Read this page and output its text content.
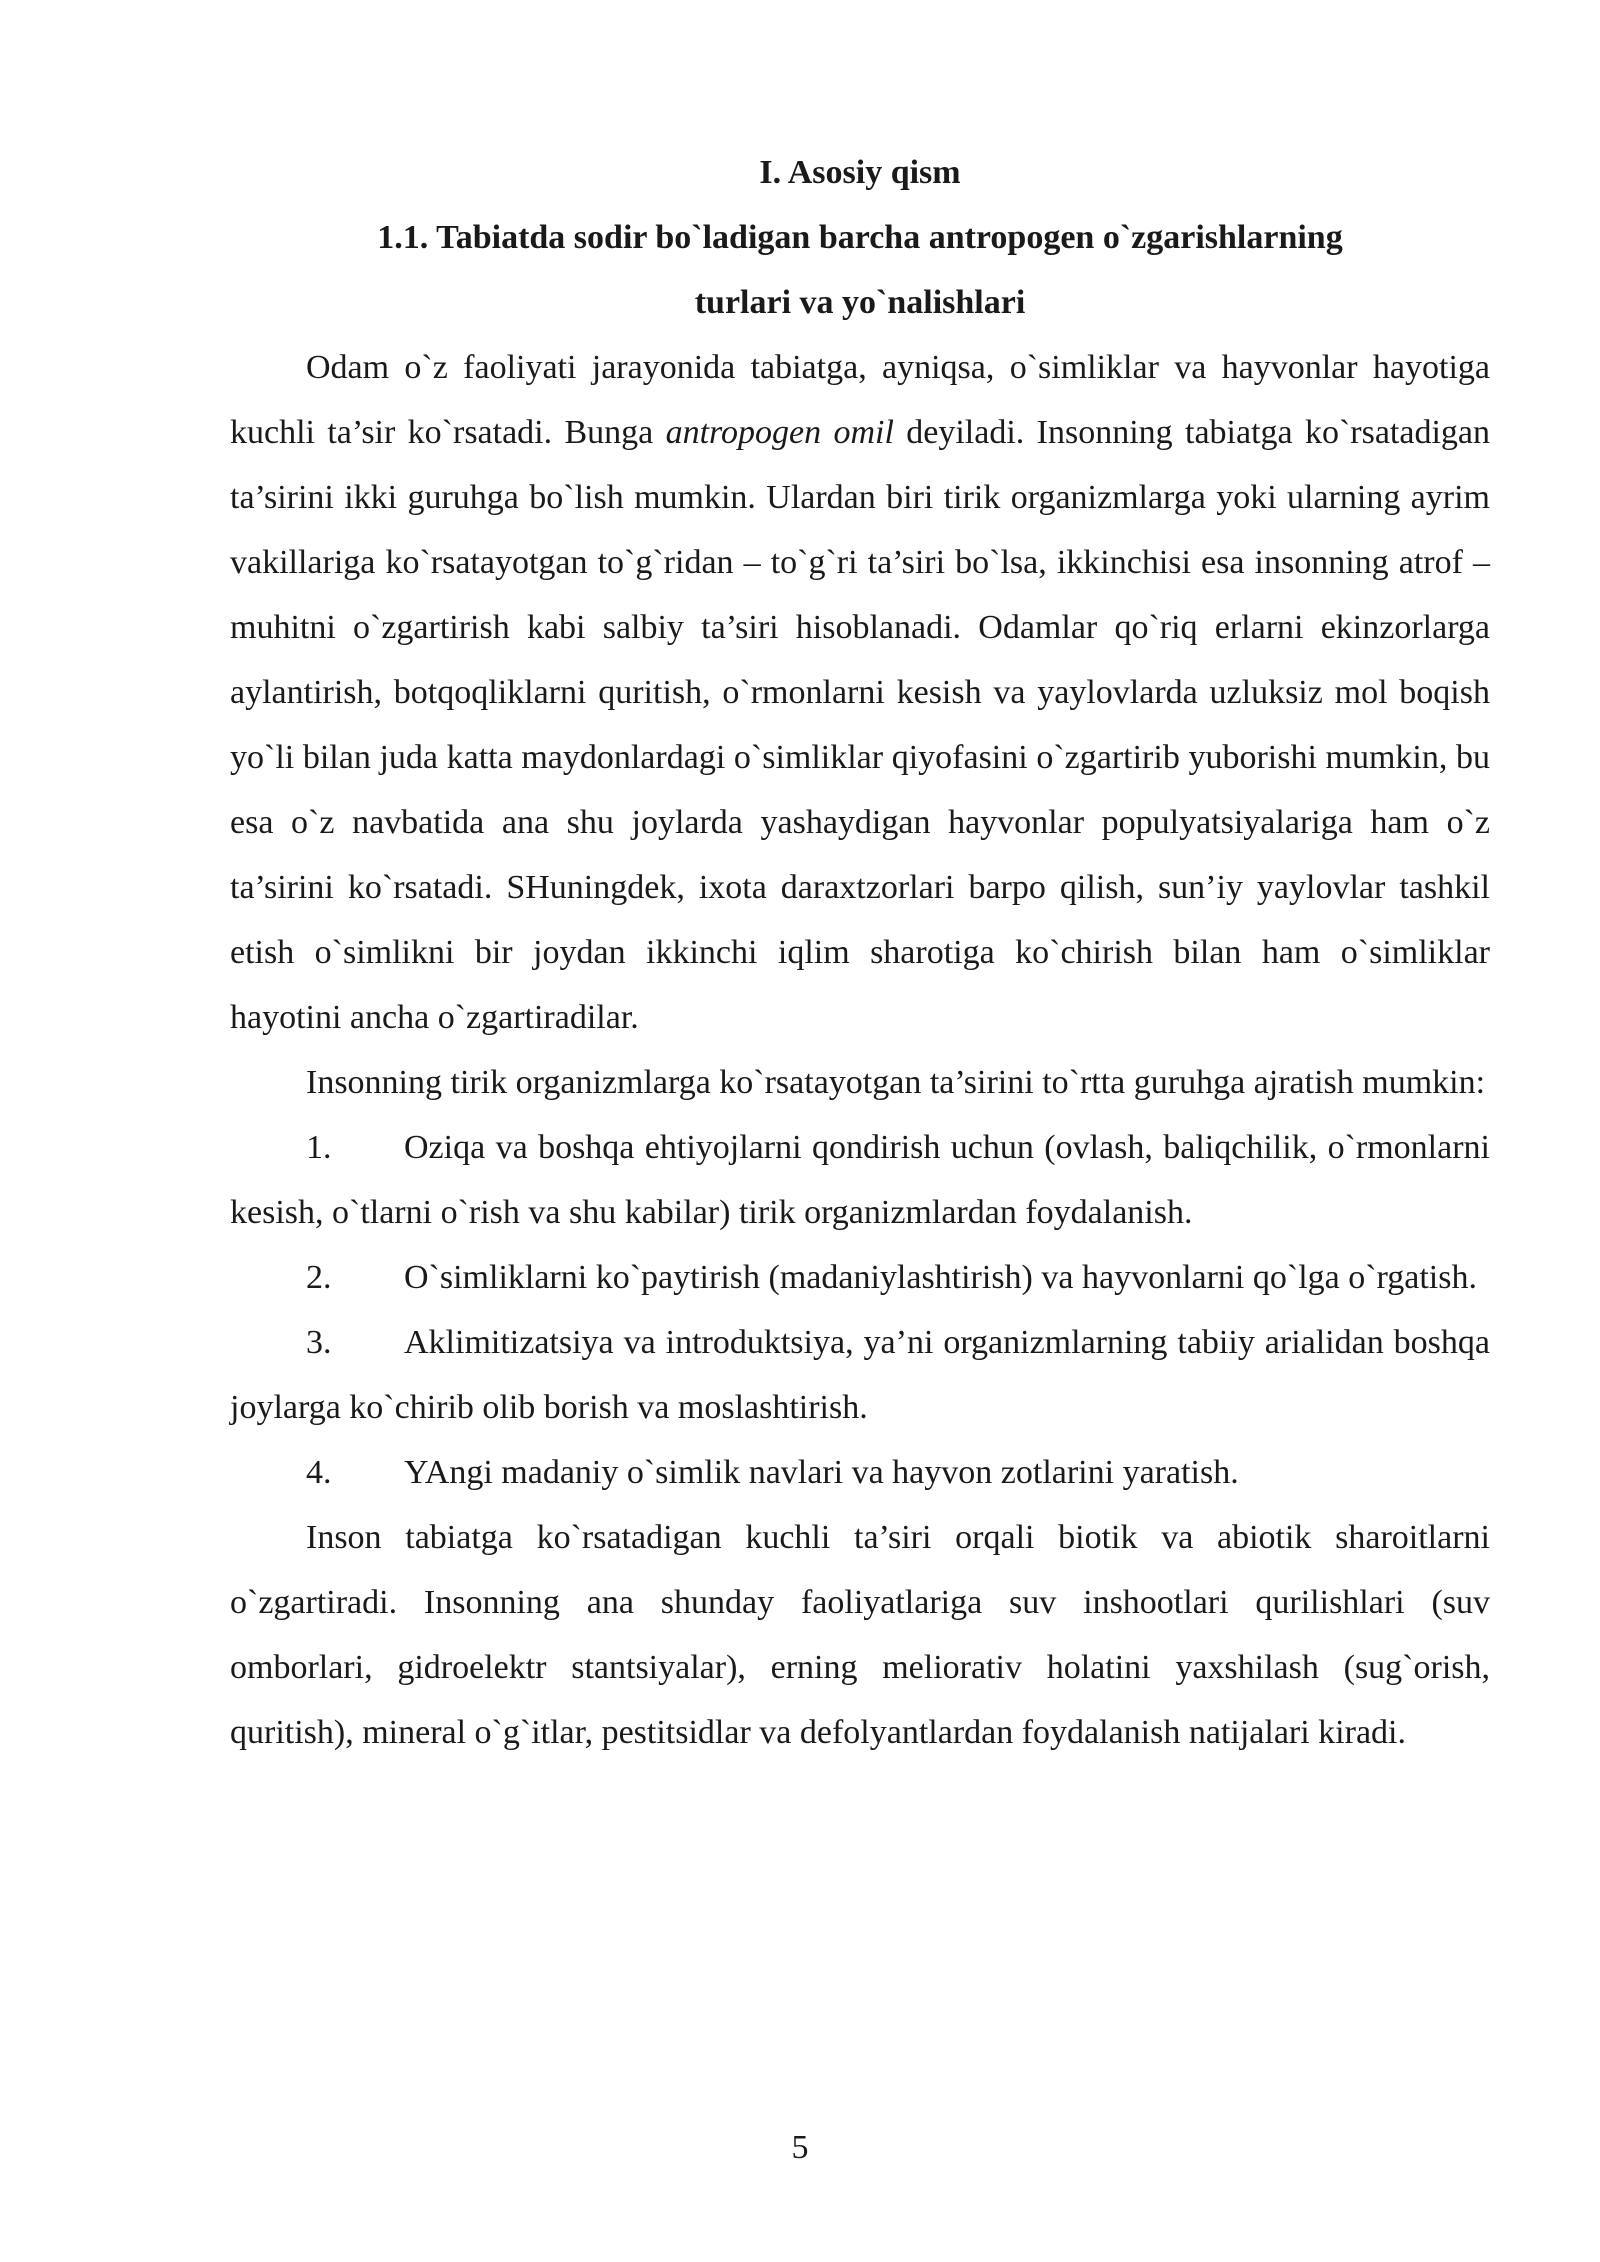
I. Asosiy qism
1.1. Tabiatda sodir bo`ladigan barcha antropogen o`zgarishlarning
turlari va yo`nalishlari

Odam o`z faoliyati jarayonida tabiatga, ayniqsa, o`simliklar va hayvonlar hayotiga kuchli ta’sir ko`rsatadi. Bunga antropogen omil deyiladi. Insonning tabiatga ko`rsatadigan ta’sirini ikki guruhga bo`lish mumkin. Ulardan biri tirik organizmlarga yoki ularning ayrim vakillariga ko`rsatayotgan to`g`ridan – to`g`ri ta’siri bo`lsa, ikkinchisi esa insonning atrof – muhitni o`zgartirish kabi salbiy ta’siri hisoblanadi. Odamlar qo`riq erlarni ekinzorlarga aylantirish, botqoqliklarni quritish, o`rmonlarni kesish va yaylovlarda uzluksiz mol boqish yo`li bilan juda katta maydonlardagi o`simliklar qiyofasini o`zgartirib yuborishi mumkin, bu esa o`z navbatida ana shu joylarda yashaydigan hayvonlar populyatsiyalariga ham o`z ta’sirini ko`rsatadi. SHuningdek, ixota daraxtzorlari barpo qilish, sun’iy yaylovlar tashkil etish o`simlikni bir joydan ikkinchi iqlim sharotiga ko`chirish bilan ham o`simliklar hayotini ancha o`zgartiradilar.

Insonning tirik organizmlarga ko`rsatayotgan ta’sirini to`rtta guruhga ajratish mumkin:

1. Oziqa va boshqa ehtiyojlarni qondirish uchun (ovlash, baliqchilik, o`rmonlarni kesish, o`tlarni o`rish va shu kabilar) tirik organizmlardan foydalanish.

2. O`simliklarni ko`paytirish (madaniylashtirish) va hayvonlarni qo`lga o`rgatish.

3. Aklimitizatsiya va introduktsiya, ya’ni organizmlarning tabiiy arialidan boshqa joylarga ko`chirib olib borish va moslashtirish.

4. YAngi madaniy o`simlik navlari va hayvon zotlarini yaratish.

Inson tabiatga ko`rsatadigan kuchli ta’siri orqali biotik va abiotik sharoitlarni o`zgartiradi. Insonning ana shunday faoliyatlariga suv inshootlari qurilishlari (suv omborlari, gidroelektr stantsiyalar), erning meliorativ holatini yaxshilash (sug`orish, quritish), mineral o`g`itlar, pestitsidlar va defolyantlardan foydalanish natijalari kiradi.

5
